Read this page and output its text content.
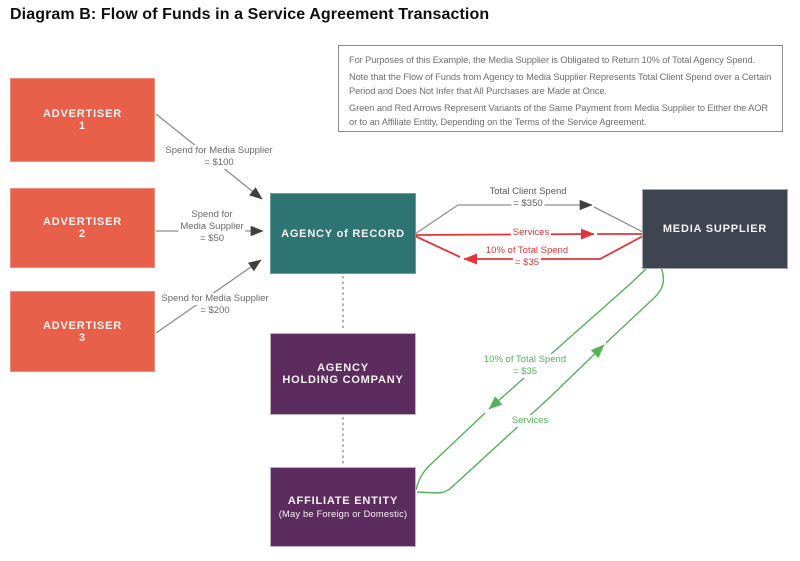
Diagram B: Flow of Funds in a Service Agreement Transaction

For Purposes of this Example, the Media Supplier is Obligated to Return 10% of Total Agency Spend.

Note that the Flow of Funds from Agency to Media Supplier Represents Total Client Spend over a Certain Period and Does Not Infer that All Purchases are Made at Once.

Green and Red Arrows Represent Variants of the Same Payment from Media Supplier to Either the AOR or to an Affiliate Entity, Depending on the Terms of the Service Agreement.

Spend for Media Supplier
= $100
Spend for
Media Supplier
= $50
Spend for Media Supplier
= $200
Total Client Spend
= $350
Services
10% of Total Spend
= $35
10% of Total Spend
= $35
Services
ADVERTISER
1
ADVERTISER
2
ADVERTISER
3
AGENCY of RECORD	MEDIA SUPPLIER
AGENCY
HOLDING COMPANY
AFFILIATE ENTITY
(May be Foreign or Domestic)
